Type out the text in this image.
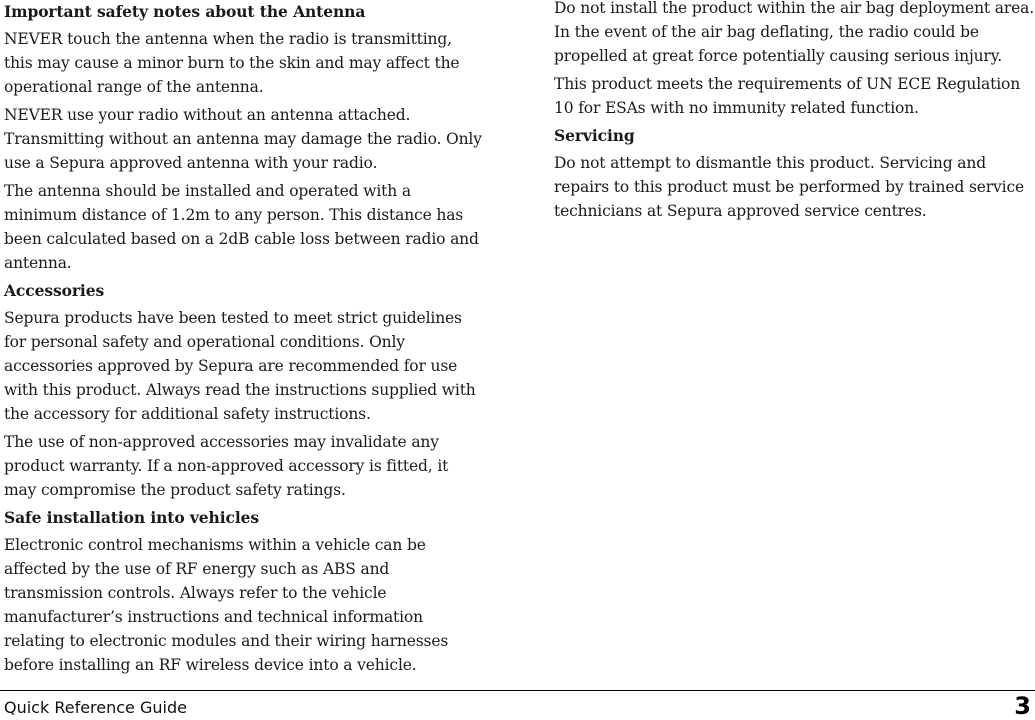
Important safety notes about the Antenna

NEVER touch the antenna when the radio is transmitting, this may cause a minor burn to the skin and may affect the operational range of the antenna.

NEVER use your radio without an antenna attached. Transmitting without an antenna may damage the radio. Only use a Sepura approved antenna with your radio.

The antenna should be installed and operated with a minimum distance of 1.2m to any person. This distance has been calculated based on a 2dB cable loss between radio and antenna.

Accessories

Sepura products have been tested to meet strict guidelines for personal safety and operational conditions. Only accessories approved by Sepura are recommended for use with this product. Always read the instructions supplied with the accessory for additional safety instructions.

The use of non-approved accessories may invalidate any product warranty. If a non-approved accessory is fitted, it may compromise the product safety ratings.

Safe installation into vehicles

Electronic control mechanisms within a vehicle can be affected by the use of RF energy such as ABS and transmission controls. Always refer to the vehicle manufacturer’s instructions and technical information relating to electronic modules and their wiring harnesses before installing an RF wireless device into a vehicle.

Do not install the product within the air bag deployment area. In the event of the air bag deflating, the radio could be propelled at great force potentially causing serious injury.

This product meets the requirements of UN ECE Regulation 10 for ESAs with no immunity related function.

Servicing

Do not attempt to dismantle this product. Servicing and repairs to this product must be performed by trained service technicians at Sepura approved service centres.

Quick Reference Guide	3
